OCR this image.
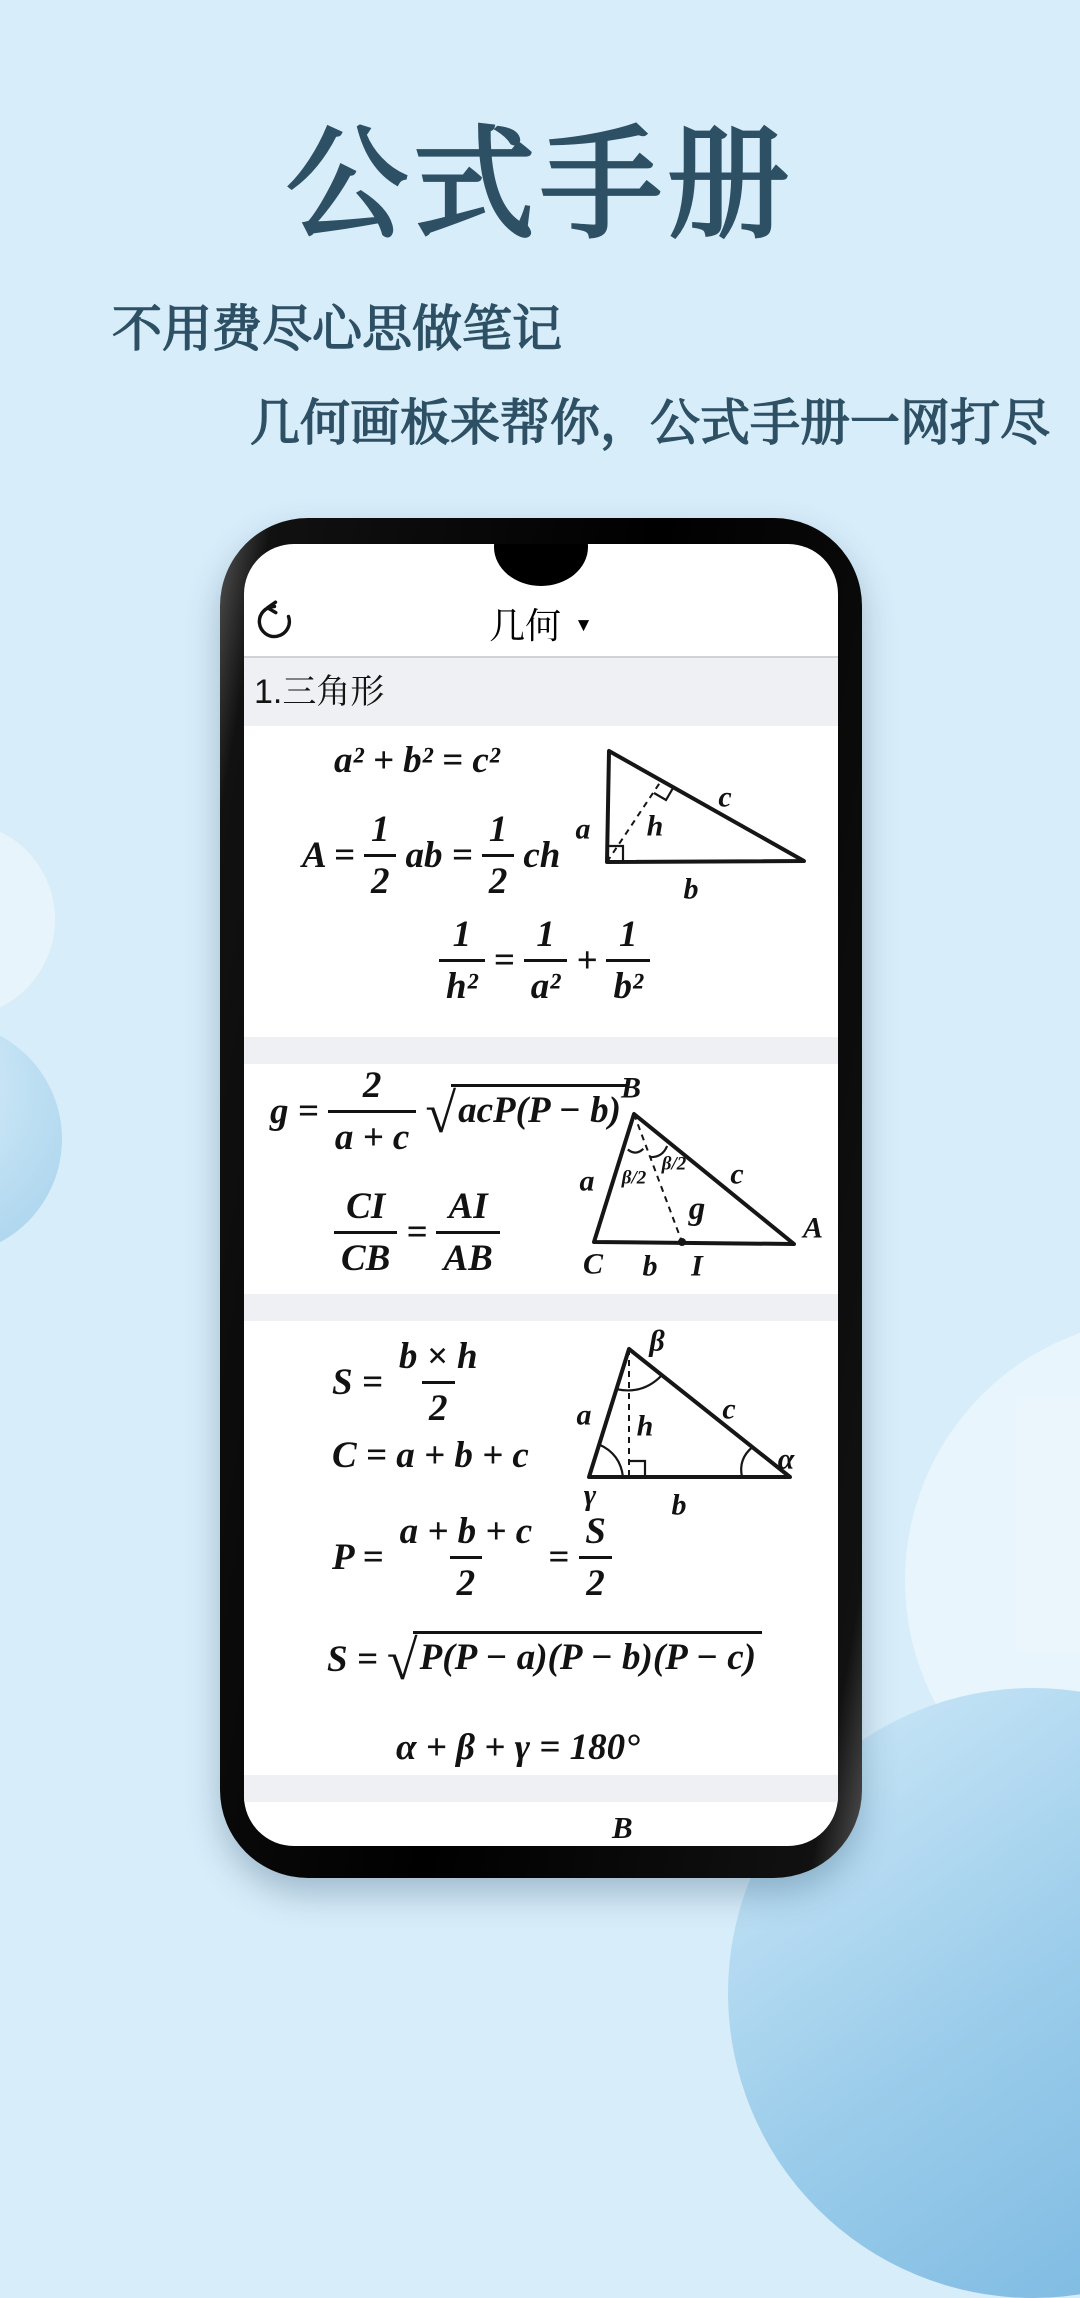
公式手册
不用费尽心思做笔记
几何画板来帮你，公式手册一网打尽
几何 ▼
1.三角形
a² + b² = c²
$A = \frac{1}{2}$ ab = $\frac{1}{2}$ ch
$\frac{1}{\text{h²}} = \frac{1}{\text{a²}} + \frac{1}{\text{b²}}$
a h
c
b
$g = \frac{2}{a + c}$ √ acP(P − b)
$\frac{CI}{CB} = \frac{AI}{AB}$
B
a β/2
β/2 c
g
C b I
A
$S = \frac{b \times h}{2}$
C = a + b + c
β
a h
c
α
γ	b
$P = \frac{a + b + c}{2} = \frac{S}{2}$
S = √ P(P − a)(P − b)(P − c)
α + β + γ = 180°
B
